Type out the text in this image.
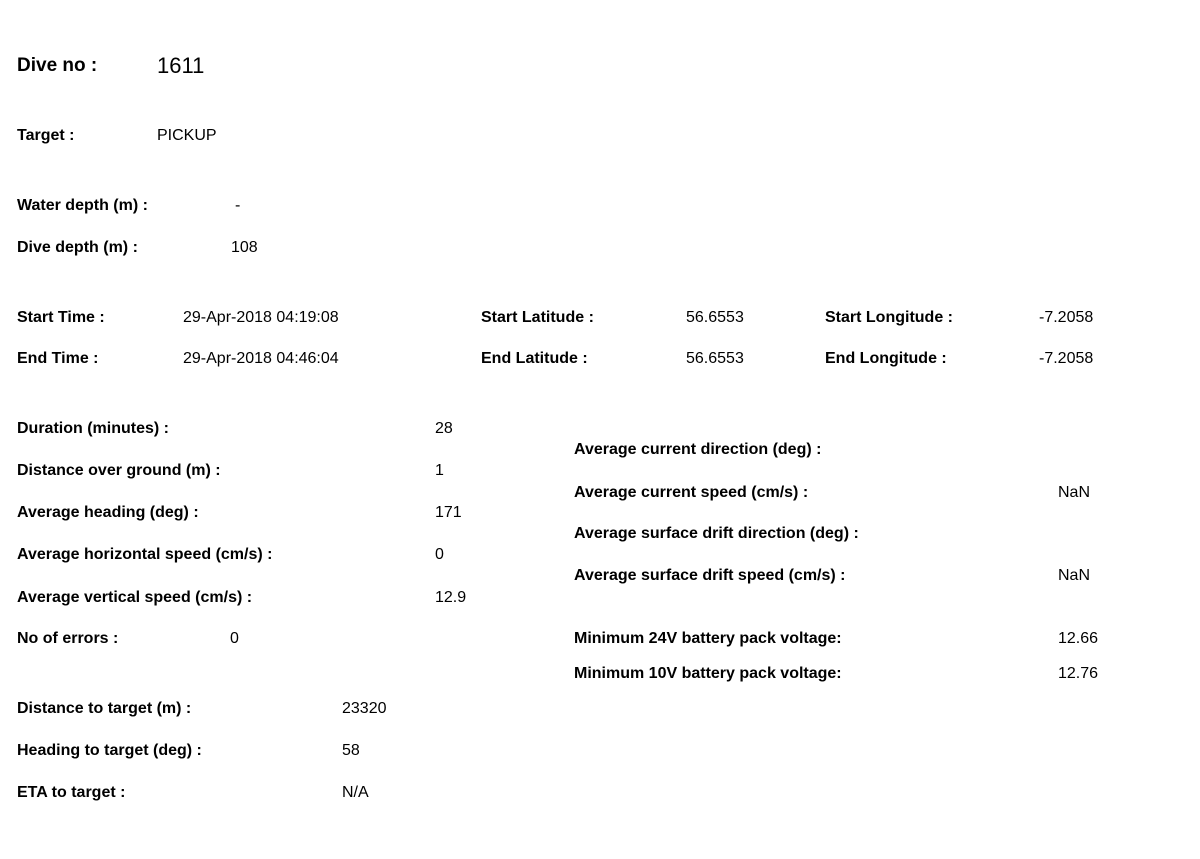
Dive no :	1611
Target :	PICKUP
Water depth (m) :	-
Dive depth (m) :	108
Start Time :	29-Apr-2018 04:19:08	Start Latitude :	56.6553	Start Longitude :	-7.2058
End Time :	29-Apr-2018 04:46:04	End Latitude :	56.6553	End Longitude :	-7.2058
Duration (minutes) :	28
Distance over ground (m) :	1
Average heading (deg) :	171
Average horizontal speed (cm/s) :	0
Average vertical speed (cm/s) :	12.9
No of errors :	0
Average current direction (deg) :
Average current speed (cm/s) :	NaN
Average surface drift direction (deg) :
Average surface drift speed (cm/s) :	NaN
Minimum 24V battery pack voltage:	12.66
Minimum 10V battery pack voltage:	12.76
Distance to target (m) :	23320
Heading to target (deg) :	58
ETA to target :	N/A
